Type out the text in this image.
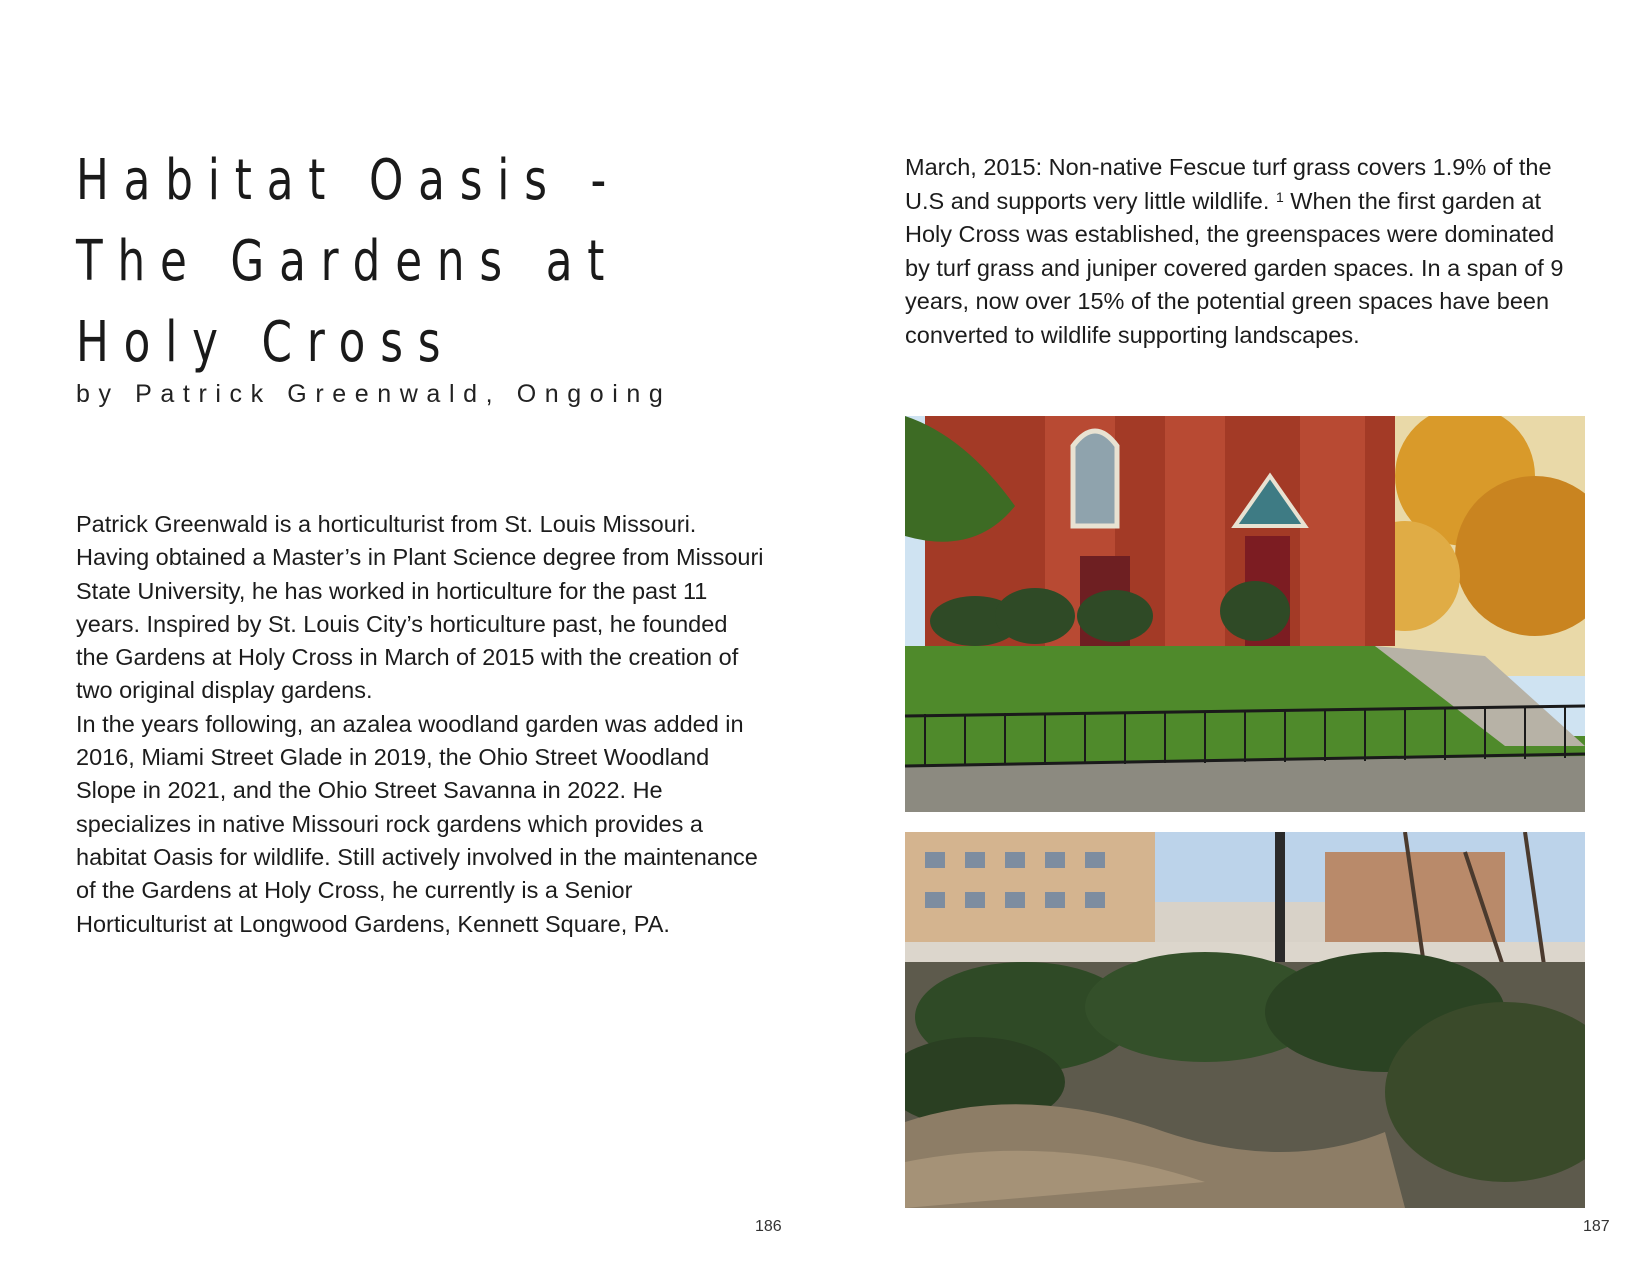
Habitat Oasis -
The Gardens at
Holy Cross

by Patrick Greenwald, Ongoing

Patrick Greenwald is a horticulturist from St. Louis Missouri. Having obtained a Master’s in Plant Science degree from Missouri State University, he has worked in horticulture for the past 11 years. Inspired by St. Louis City’s horticulture past, he founded the Gardens at Holy Cross in March of 2015 with the creation of two original display gardens.
In the years following, an azalea woodland garden was added in 2016, Miami Street Glade in 2019, the Ohio Street Woodland Slope in 2021, and the Ohio Street Savanna in 2022. He specializes in native Missouri rock gardens which provides a habitat Oasis for wildlife. Still actively involved in the maintenance of the Gardens at Holy Cross, he currently is a Senior Horticulturist at Longwood Gardens, Kennett Square, PA.

186

March, 2015: Non-native Fescue turf grass covers 1.9% of the U.S and supports very little wildlife. $^1$ When the first garden at Holy Cross was established, the greenspaces were dominated by turf grass and juniper covered garden spaces. In a span of 9 years, now over 15% of the potential green spaces have been converted to wildlife supporting landscapes.

187
